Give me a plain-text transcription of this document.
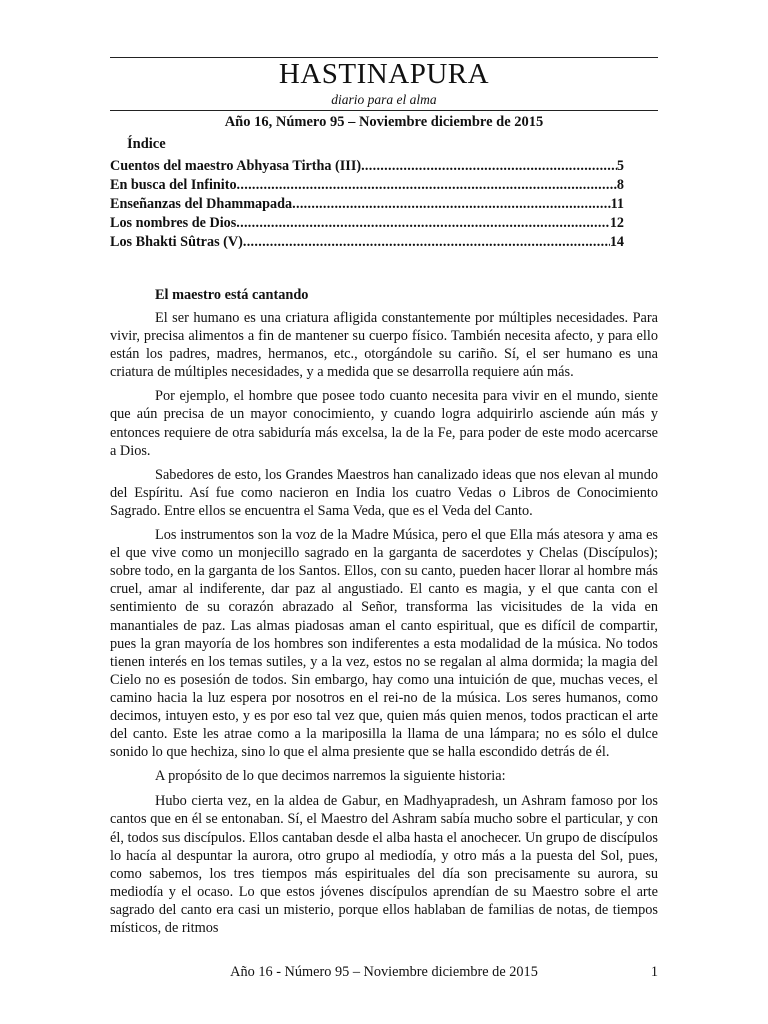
HASTINAPURA
diario para el alma
Año 16, Número 95 – Noviembre diciembre de 2015
Índice
Cuentos del maestro Abhyasa Tirtha (III) .....	5
En busca del Infinito .....	8
Enseñanzas del Dhammapada .....	11
Los nombres de Dios .....	12
Los Bhakti Sûtras (V) .....	14
El maestro está cantando

El ser humano es una criatura afligida constantemente por múltiples necesidades. Para vivir, precisa alimentos a fin de mantener su cuerpo físico. También necesita afecto, y para ello están los padres, madres, hermanos, etc., otorgándole su cariño. Sí, el ser humano es una criatura de múltiples necesidades, y a medida que se desarrolla requiere aún más.

Por ejemplo, el hombre que posee todo cuanto necesita para vivir en el mundo, siente que aún precisa de un mayor conocimiento, y cuando logra adquirirlo asciende aún más y entonces requiere de otra sabiduría más excelsa, la de la Fe, para poder de este modo acercarse a Dios.

Sabedores de esto, los Grandes Maestros han canalizado ideas que nos elevan al mundo del Espíritu. Así fue como nacieron en India los cuatro Vedas o Libros de Conocimiento Sagrado. Entre ellos se encuentra el Sama Veda, que es el Veda del Canto.

Los instrumentos son la voz de la Madre Música, pero el que Ella más atesora y ama es el que vive como un monjecillo sagrado en la garganta de sacerdotes y Chelas (Discípulos); sobre todo, en la garganta de los Santos. Ellos, con su canto, pueden hacer llorar al hombre más cruel, amar al indiferente, dar paz al angustiado. El canto es magia, y el que canta con el sentimiento de su corazón abrazado al Señor, transforma las vicisitudes de la vida en manantiales de paz. Las almas piadosas aman el canto espiritual, que es difícil de compartir, pues la gran mayoría de los hombres son indiferentes a esta modalidad de la música. No todos tienen interés en los temas sutiles, y a la vez, estos no se regalan al alma dormida; la magia del Cielo no es posesión de todos. Sin embargo, hay como una intuición de que, muchas veces, el camino hacia la luz espera por nosotros en el rei-no de la música. Los seres humanos, como decimos, intuyen esto, y es por eso tal vez que, quien más quien menos, todos practican el arte del canto. Este les atrae como a la mariposilla la llama de una lámpara; no es sólo el dulce sonido lo que hechiza, sino lo que el alma presiente que se halla escondido detrás de él.

A propósito de lo que decimos narremos la siguiente historia:

Hubo cierta vez, en la aldea de Gabur, en Madhyapradesh, un Ashram famoso por los cantos que en él se entonaban. Sí, el Maestro del Ashram sabía mucho sobre el particular, y con él, todos sus discípulos. Ellos cantaban desde el alba hasta el anochecer. Un grupo de discípulos lo hacía al despuntar la aurora, otro grupo al mediodía, y otro más a la puesta del Sol, pues, como sabemos, los tres tiempos más espirituales del día son precisamente su aurora, su mediodía y el ocaso. Lo que estos jóvenes discípulos aprendían de su Maestro sobre el arte sagrado del canto era casi un misterio, porque ellos hablaban de familias de notas, de tiempos místicos, de ritmos

Año 16 - Número 95 – Noviembre diciembre de 2015	1
